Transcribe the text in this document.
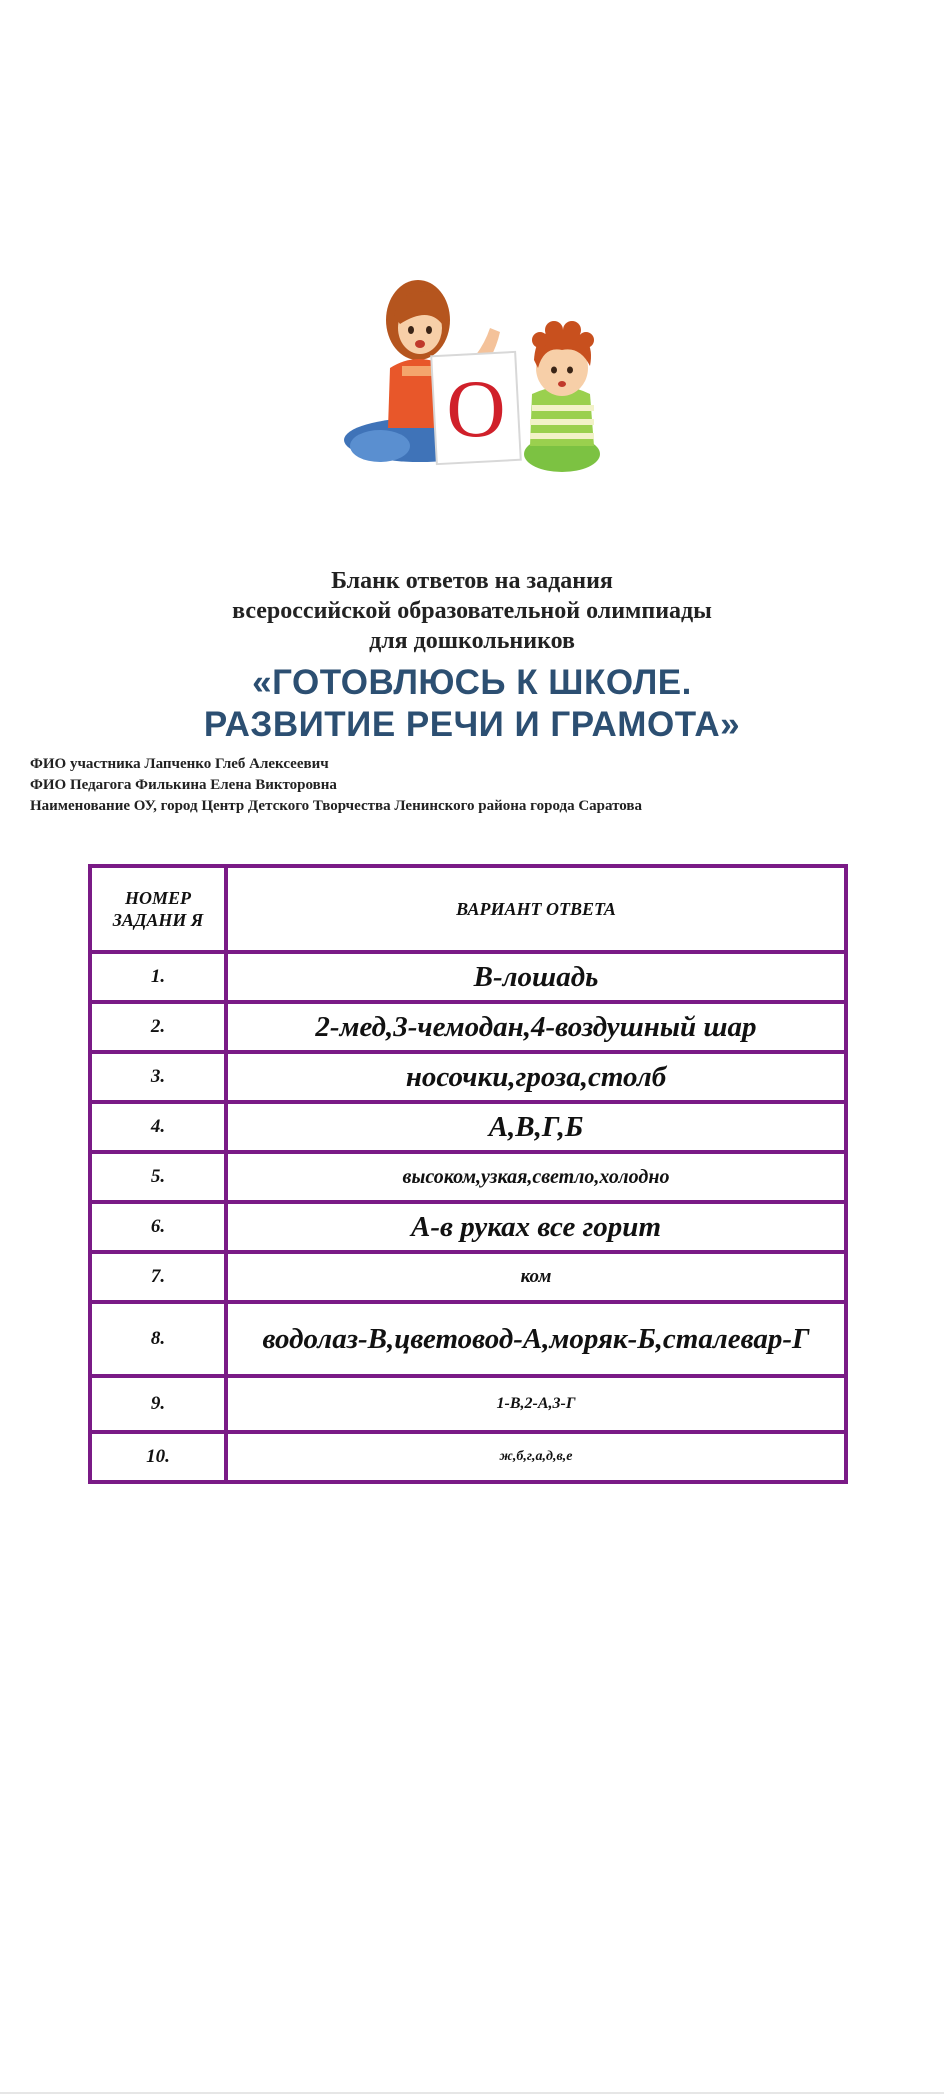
О
Бланк ответов на задания
всероссийской образовательной олимпиады
для дошкольников
«ГОТОВЛЮСЬ К ШКОЛЕ.
РАЗВИТИЕ РЕЧИ И ГРАМОТА»
ФИО участника Лапченко Глеб Алексеевич
ФИО Педагога Филькина Елена Викторовна
Наименование ОУ, город Центр Детского Творчества Ленинского района города Саратова
НОМЕР ЗАДАНИ Я	ВАРИАНТ ОТВЕТА
1.	В-лошадь
2.	2-мед,3-чемодан,4-воздушный шар
3.	носочки,гроза,столб
4.	А,В,Г,Б
5.	высоком,узкая,светло,холодно
6.	А-в руках все горит
7.	ком
8.	водолаз-В,цветовод-А,моряк-Б,сталевар-Г
9.	1-В,2-А,3-Г
10.	ж,б,г,а,д,в,е
